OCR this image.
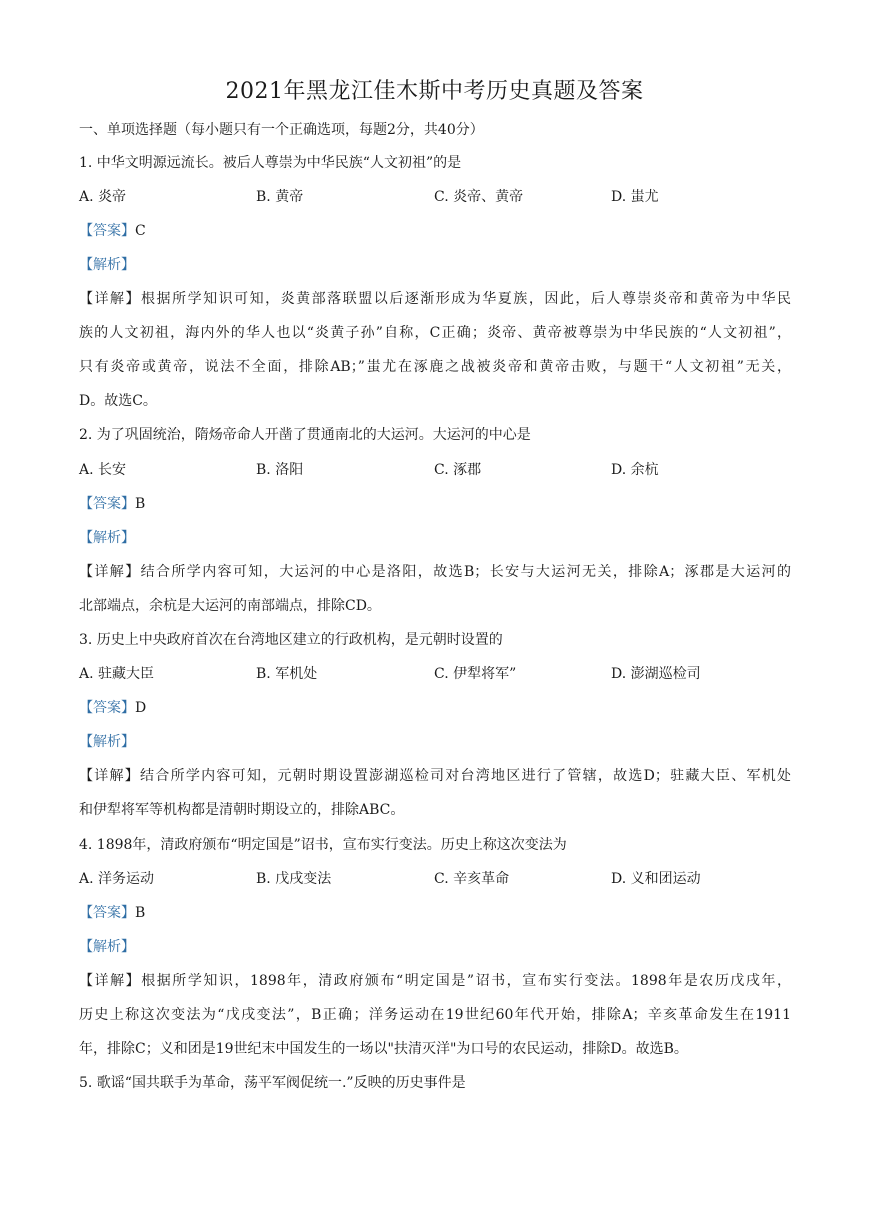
2021年黑龙江佳木斯中考历史真题及答案
一、单项选择题（每小题只有一个正确选项，每题2分，共40分）
1. 中华文明源远流长。被后人尊崇为中华民族“人文初祖”的是
A. 炎帝	B. 黄帝	C. 炎帝、黄帝	D. 蚩尤
【答案】C
【解析】
【详解】根据所学知识可知，炎黄部落联盟以后逐渐形成为华夏族，因此，后人尊崇炎帝和黄帝为中华民
族的人文初祖，海内外的华人也以“炎黄子孙”自称，C正确；炎帝、黄帝被尊崇为中华民族的“人文初祖”，
只有炎帝或黄帝，说法不全面，排除AB；”蚩尤在涿鹿之战被炎帝和黄帝击败，与题干“人文初祖”无关，
D。故选C。
2. 为了巩固统治，隋炀帝命人开凿了贯通南北的大运河。大运河的中心是
A. 长安	B. 洛阳	C. 涿郡	D. 余杭
【答案】B
【解析】
【详解】结合所学内容可知，大运河的中心是洛阳，故选B；长安与大运河无关，排除A；涿郡是大运河的
北部端点，余杭是大运河的南部端点，排除CD。
3. 历史上中央政府首次在台湾地区建立的行政机构，是元朝时设置的
A. 驻藏大臣	B. 军机处	C. 伊犁将军”	D. 澎湖巡检司
【答案】D
【解析】
【详解】结合所学内容可知，元朝时期设置澎湖巡检司对台湾地区进行了管辖，故选D；驻藏大臣、军机处
和伊犁将军等机构都是清朝时期设立的，排除ABC。
4. 1898年，清政府颁布“明定国是”诏书，宣布实行变法。历史上称这次变法为
A. 洋务运动	B. 戊戌变法	C. 辛亥革命	D. 义和团运动
【答案】B
【解析】
【详解】根据所学知识，1898年，清政府颁布“明定国是”诏书，宣布实行变法。1898年是农历戊戌年，
历史上称这次变法为“戊戌变法”，B正确；洋务运动在19世纪60年代开始，排除A；辛亥革命发生在1911
年，排除C；义和团是19世纪末中国发生的一场以"扶清灭洋"为口号的农民运动，排除D。故选B。
5. 歌谣“国共联手为革命，荡平军阀促统一.”反映的历史事件是
